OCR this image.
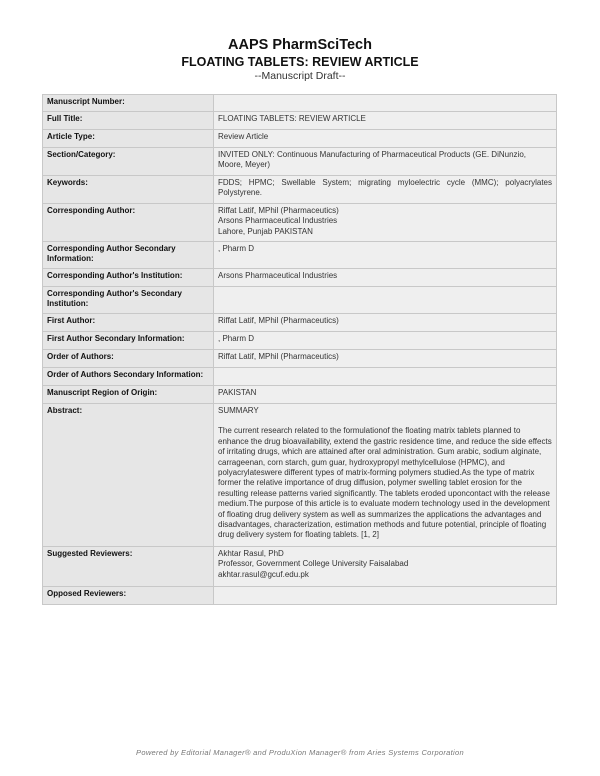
AAPS PharmSciTech
FLOATING TABLETS: REVIEW ARTICLE
--Manuscript Draft--
Manuscript Number:	
Full Title:	FLOATING TABLETS: REVIEW ARTICLE
Article Type:	Review Article
Section/Category:	INVITED ONLY: Continuous Manufacturing of Pharmaceutical Products (GE. DiNunzio, Moore, Meyer)
Keywords:	FDDS; HPMC; Swellable System; migrating myloelectric cycle (MMC); polyacrylates Polystyrene.
Corresponding Author:	Riffat Latif, MPhil (Pharmaceutics)
Arsons Pharmaceutical Industries
Lahore, Punjab PAKISTAN
Corresponding Author Secondary Information:	, Pharm D
Corresponding Author's Institution:	Arsons Pharmaceutical Industries
Corresponding Author's Secondary Institution:	
First Author:	Riffat Latif, MPhil (Pharmaceutics)
First Author Secondary Information:	, Pharm D
Order of Authors:	Riffat Latif, MPhil (Pharmaceutics)
Order of Authors Secondary Information:	
Manuscript Region of Origin:	PAKISTAN
Abstract:	SUMMARY
The current research related to the formulationof the floating matrix tablets planned to enhance the drug bioavailability, extend the gastric residence time, and reduce the side effects of irritating drugs, which are attained after oral administration. Gum arabic, sodium alginate, carrageenan, corn starch, gum guar, hydroxypropyl methylcellulose (HPMC), and polyacrylateswere different types of matrix-forming polymers studied.As the type of matrix former the relative importance of drug diffusion, polymer swelling tablet erosion for the resulting release patterns varied significantly. The tablets eroded uponcontact with the release medium.The purpose of this article is to evaluate modern technology used in the development of floating drug delivery system as well as summarizes the applications the advantages and disadvantages, characterization, estimation methods and future potential, principle of floating drug delivery system for floating tablets. [1, 2]

Suggested Reviewers:	Akhtar Rasul, PhD
Professor, Government College University Faisalabad
akhtar.rasul@gcuf.edu.pk
Opposed Reviewers:	
Powered by Editorial Manager® and ProduXion Manager® from Aries Systems Corporation
